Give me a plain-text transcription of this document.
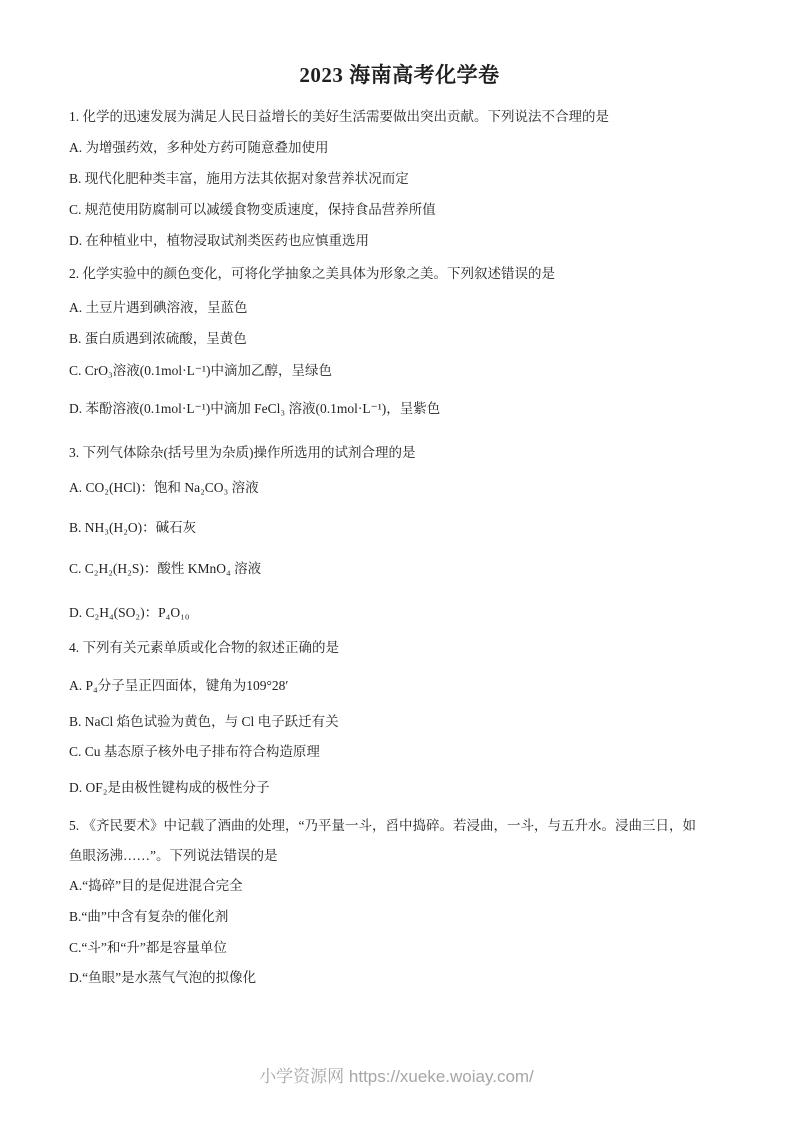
2023 海南高考化学卷

1. 化学的迅速发展为满足人民日益增长的美好生活需要做出突出贡献。下列说法不合理的是

A. 为增强药效，多种处方药可随意叠加使用

B. 现代化肥种类丰富，施用方法其依据对象营养状况而定

C. 规范使用防腐制可以减缓食物变质速度，保持食品营养所值

D. 在种植业中，植物浸取试剂类医药也应慎重选用

2. 化学实验中的颜色变化，可将化学抽象之美具体为形象之美。下列叙述错误的是

A. 土豆片遇到碘溶液，呈蓝色

B. 蛋白质遇到浓硫酸，呈黄色

C. CrO₃溶液(0.1mol·L⁻¹)中滴加乙醇，呈绿色

D. 苯酚溶液(0.1mol·L⁻¹)中滴加 FeCl₃ 溶液(0.1mol·L⁻¹)，呈紫色

3. 下列气体除杂(括号里为杂质)操作所选用的试剂合理的是

A. CO₂(HCl)：饱和 Na₂CO₃ 溶液

B. NH₃(H₂O)：碱石灰

C. C₂H₂(H₂S)：酸性 KMnO₄ 溶液

D. C₂H₄(SO₂)：P₄O₁₀

4. 下列有关元素单质或化合物的叙述正确的是

A. P₄分子呈正四面体，键角为109°28′

B. NaCl 焰色试验为黄色，与 Cl 电子跃迁有关

C. Cu 基态原子核外电子排布符合构造原理

D. OF₂是由极性键构成的极性分子

5. 《齐民要术》中记载了酒曲的处理，“乃平量一斗，舀中捣碎。若浸曲，一斗，与五升水。浸曲三日，如

鱼眼汤沸……”。下列说法错误的是

A.“捣碎”目的是促进混合完全

B.“曲”中含有复杂的催化剂

C.“斗”和“升”都是容量单位

D.“鱼眼”是水蒸气气泡的拟像化

小学资源网 https://xueke.woiay.com/
